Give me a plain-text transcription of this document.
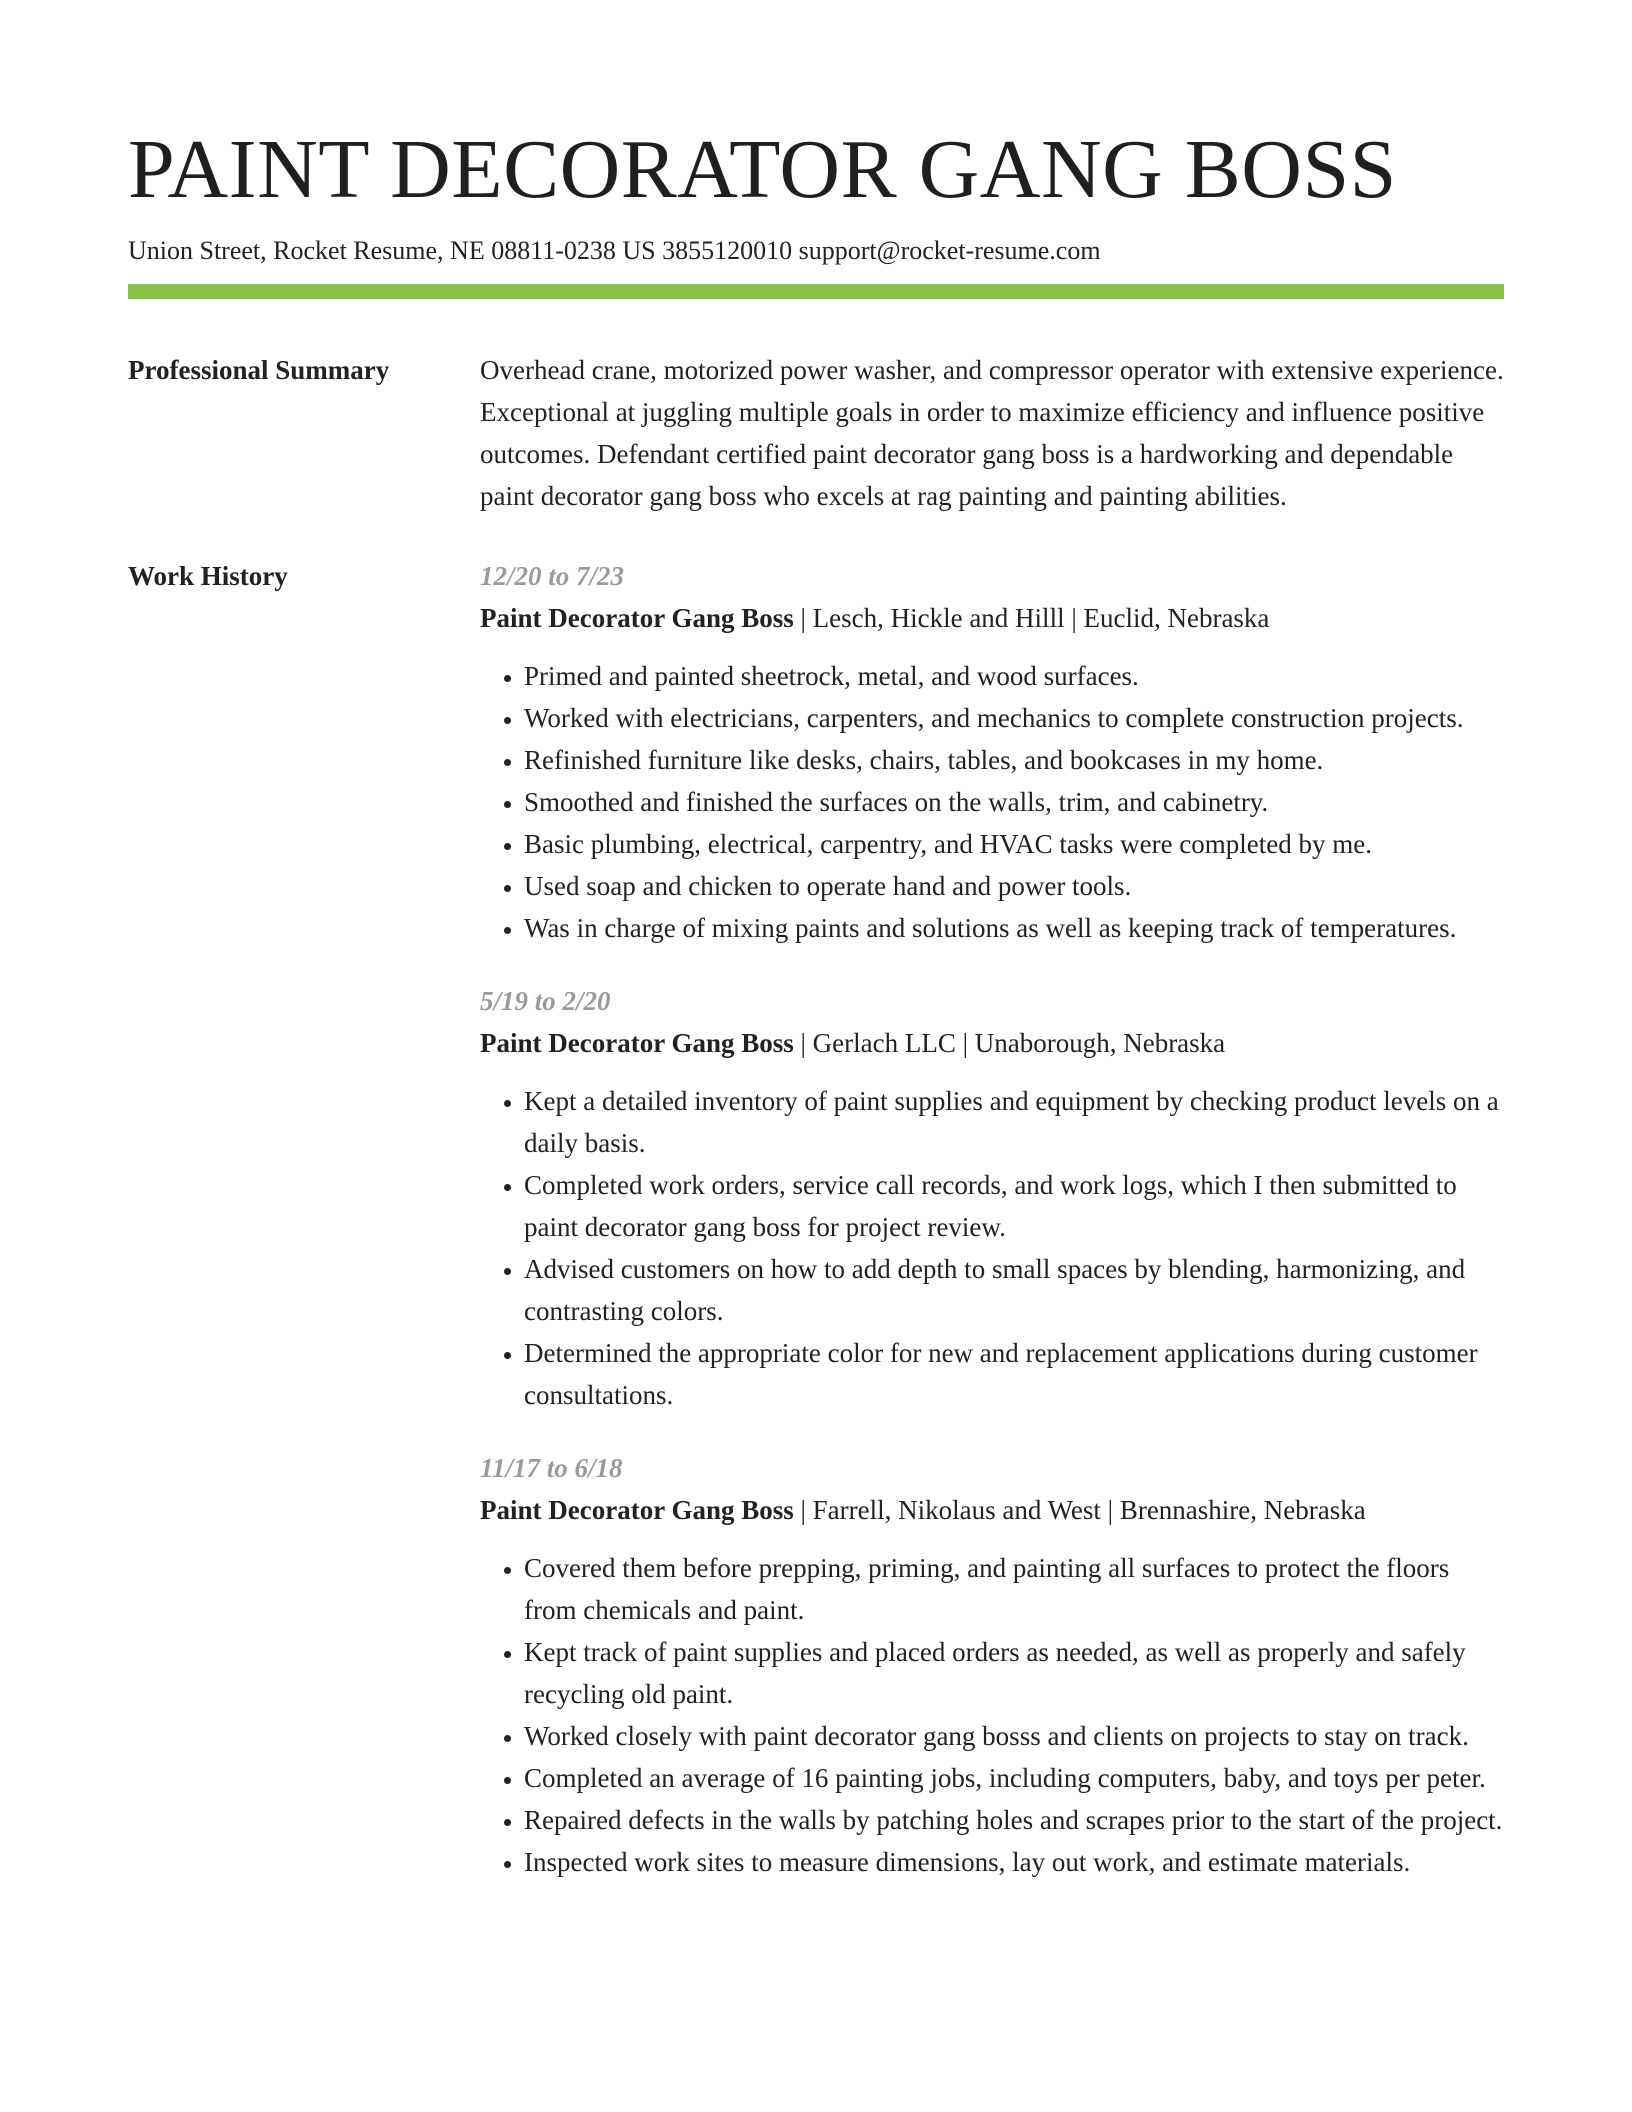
PAINT DECORATOR GANG BOSS
Union Street, Rocket Resume, NE 08811-0238 US 3855120010 support@rocket-resume.com
Professional Summary	Overhead crane, motorized power washer, and compressor operator with extensive experience. Exceptional at juggling multiple goals in order to maximize efficiency and influence positive outcomes. Defendant certified paint decorator gang boss is a hardworking and dependable paint decorator gang boss who excels at rag painting and painting abilities.

Work History	12/20 to 7/23
Paint Decorator Gang Boss | Lesch, Hickle and Hilll | Euclid, Nebraska
• Primed and painted sheetrock, metal, and wood surfaces.
• Worked with electricians, carpenters, and mechanics to complete construction projects.
• Refinished furniture like desks, chairs, tables, and bookcases in my home.
• Smoothed and finished the surfaces on the walls, trim, and cabinetry.
• Basic plumbing, electrical, carpentry, and HVAC tasks were completed by me.
• Used soap and chicken to operate hand and power tools.
• Was in charge of mixing paints and solutions as well as keeping track of temperatures.
5/19 to 2/20
Paint Decorator Gang Boss | Gerlach LLC | Unaborough, Nebraska
• Kept a detailed inventory of paint supplies and equipment by checking product levels on a daily basis.
• Completed work orders, service call records, and work logs, which I then submitted to paint decorator gang boss for project review.
• Advised customers on how to add depth to small spaces by blending, harmonizing, and contrasting colors.
• Determined the appropriate color for new and replacement applications during customer consultations.
11/17 to 6/18
Paint Decorator Gang Boss | Farrell, Nikolaus and West | Brennashire, Nebraska
• Covered them before prepping, priming, and painting all surfaces to protect the floors from chemicals and paint.
• Kept track of paint supplies and placed orders as needed, as well as properly and safely recycling old paint.
• Worked closely with paint decorator gang bosss and clients on projects to stay on track.
• Completed an average of 16 painting jobs, including computers, baby, and toys per peter.
• Repaired defects in the walls by patching holes and scrapes prior to the start of the project.
• Inspected work sites to measure dimensions, lay out work, and estimate materials.
